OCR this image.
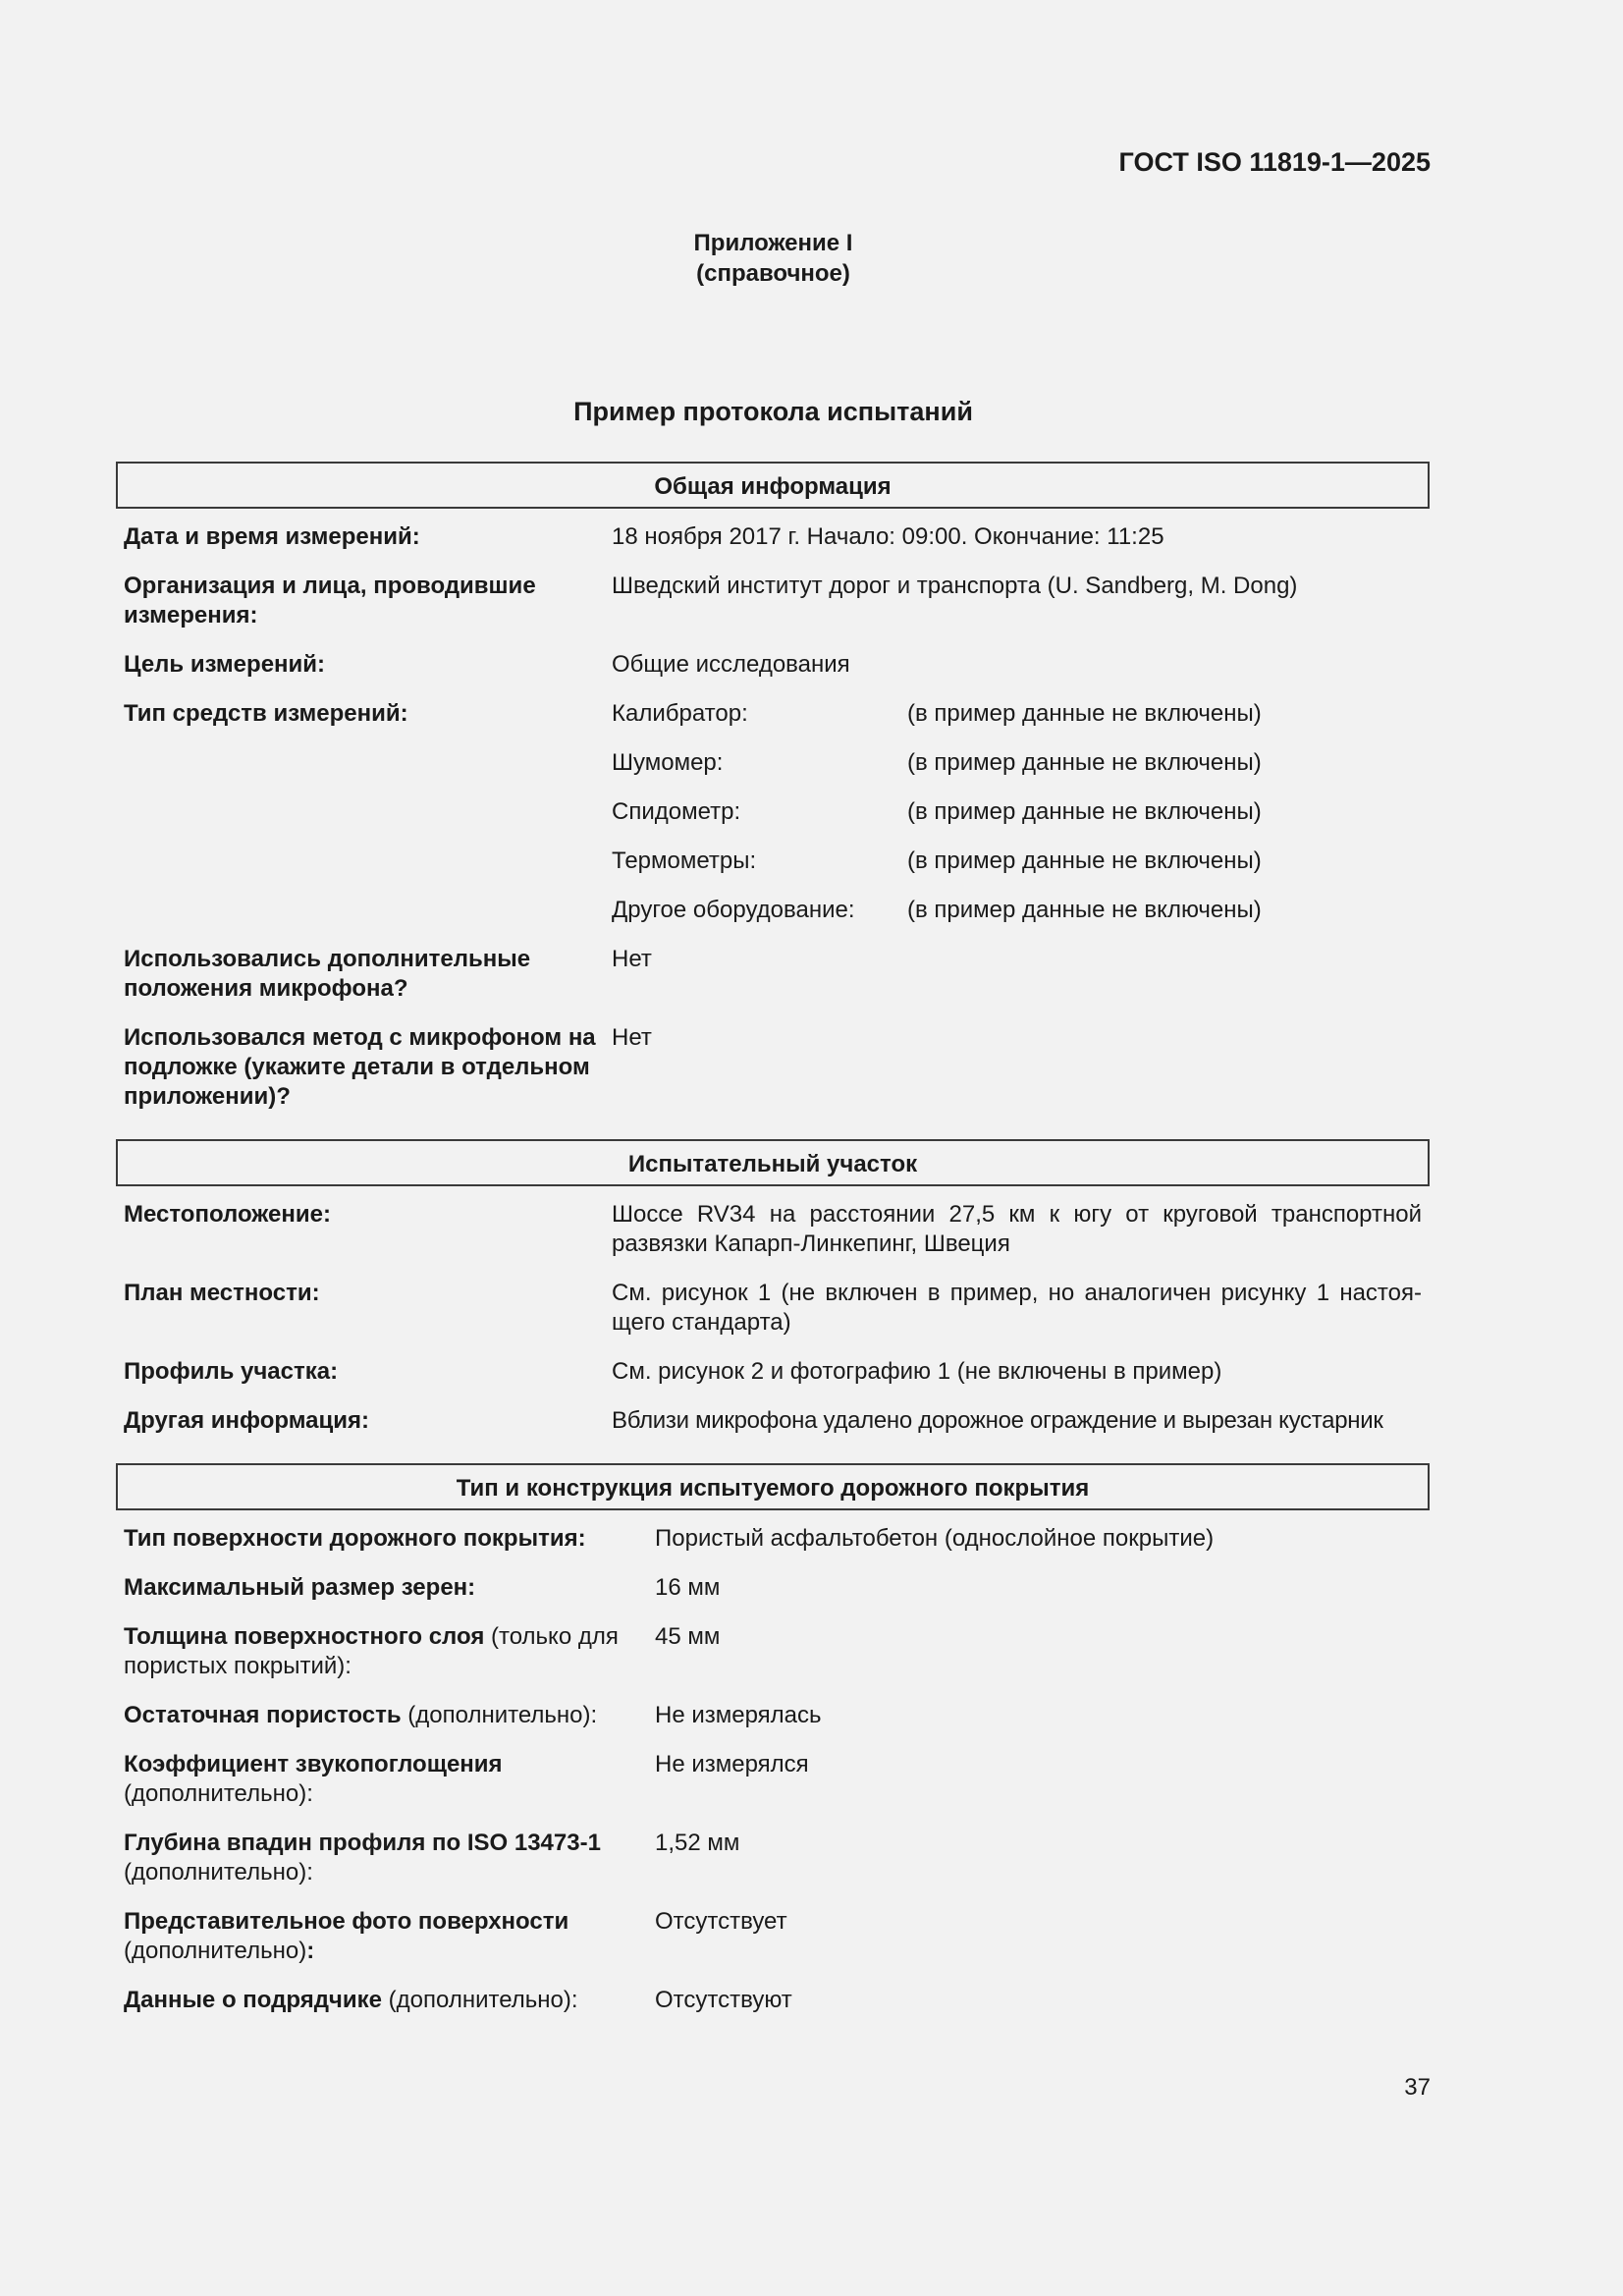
ГОСТ ISO 11819-1—2025
Приложение I
(справочное)
Пример протокола испытаний
Общая информация
Дата и время измерений:	18 ноября 2017 г. Начало: 09:00. Окончание: 11:25
Организация и лица, проводившие измерения:
Шведский институт дорог и транспорта (U. Sandberg, M. Dong)
Цель измерений:	Общие исследования
Тип средств измерений:	Калибратор:	(в пример данные не включены)
Шумомер:	(в пример данные не включены)
Спидометр:	(в пример данные не включены)
Термометры:	(в пример данные не включены)
Другое оборудование:	(в пример данные не включены)
Использовались дополнительные положения микрофона?
Нет
Использовался метод с микрофоном на подложке (укажите детали в отдельном приложении)?
Нет
Испытательный участок
Местоположение:	Шоссе RV34 на расстоянии 27,5 км к югу от круговой транспортной развязки Капарп-Линкепинг, Швеция
План местности:	См. рисунок 1 (не включен в пример, но аналогичен рисунку 1 настоя-щего стандарта)
Профиль участка:	См. рисунок 2 и фотографию 1 (не включены в пример)
Другая информация:	Вблизи микрофона удалено дорожное ограждение и вырезан кустарник
Тип и конструкция испытуемого дорожного покрытия
Тип поверхности дорожного покрытия:	Пористый асфальтобетон (однослойное покрытие)
Максимальный размер зерен:	16 мм
Толщина поверхностного слоя (только для пористых покрытий):
45 мм
Остаточная пористость (дополнительно):	Не измерялась
Коэффициент звукопоглощения
(дополнительно):
Не измерялся
Глубина впадин профиля по ISO 13473-1
(дополнительно):
1,52 мм
Представительное фото поверхности
(дополнительно):
Отсутствует
Данные о подрядчике (дополнительно):	Отсутствуют
37
